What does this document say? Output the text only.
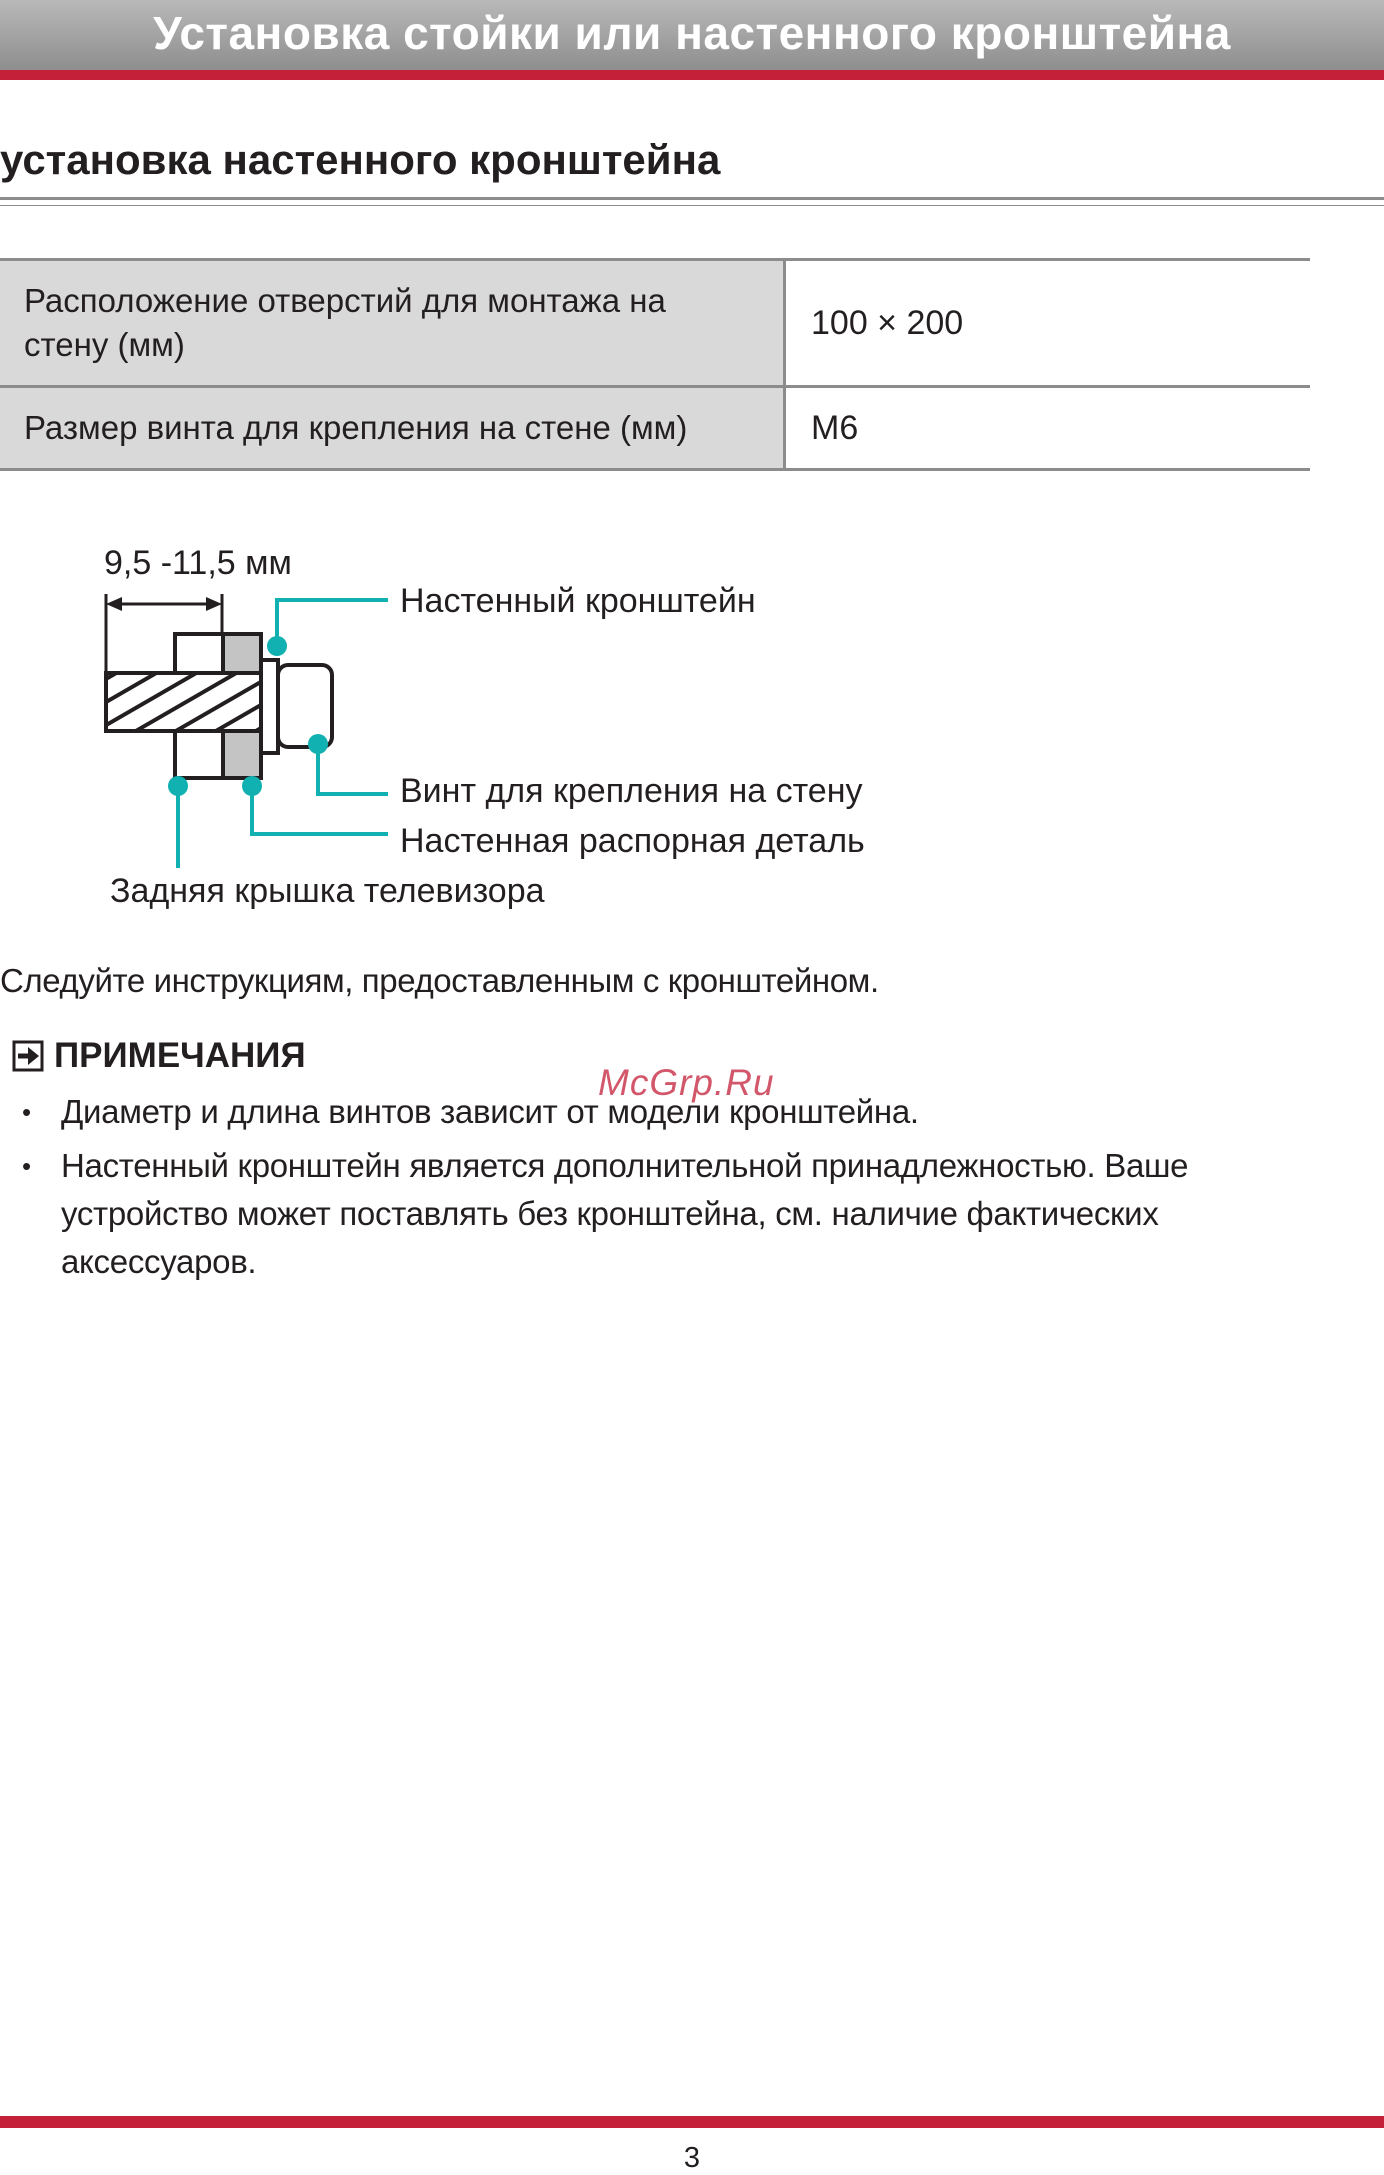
Установка стойки или настенного кронштейна
установка настенного кронштейна
Расположение отверстий для монтажа на стену (мм)
100 × 200
Размер винта для крепления на стене (мм)	M6
9,5 -11,5 мм
Настенный кронштейн
Винт для крепления на стену
Настенная распорная деталь
Задняя крышка телевизора
Следуйте инструкциям, предоставленным с кронштейном.
ПРИМЕЧАНИЯ
• Диаметр и длина винтов зависит от модели кронштейна.
• Настенный кронштейн является дополнительной принадлежностью. Ваше устройство может поставлять без кронштейна, см. наличие фактических аксессуаров.
McGrp.Ru
3
